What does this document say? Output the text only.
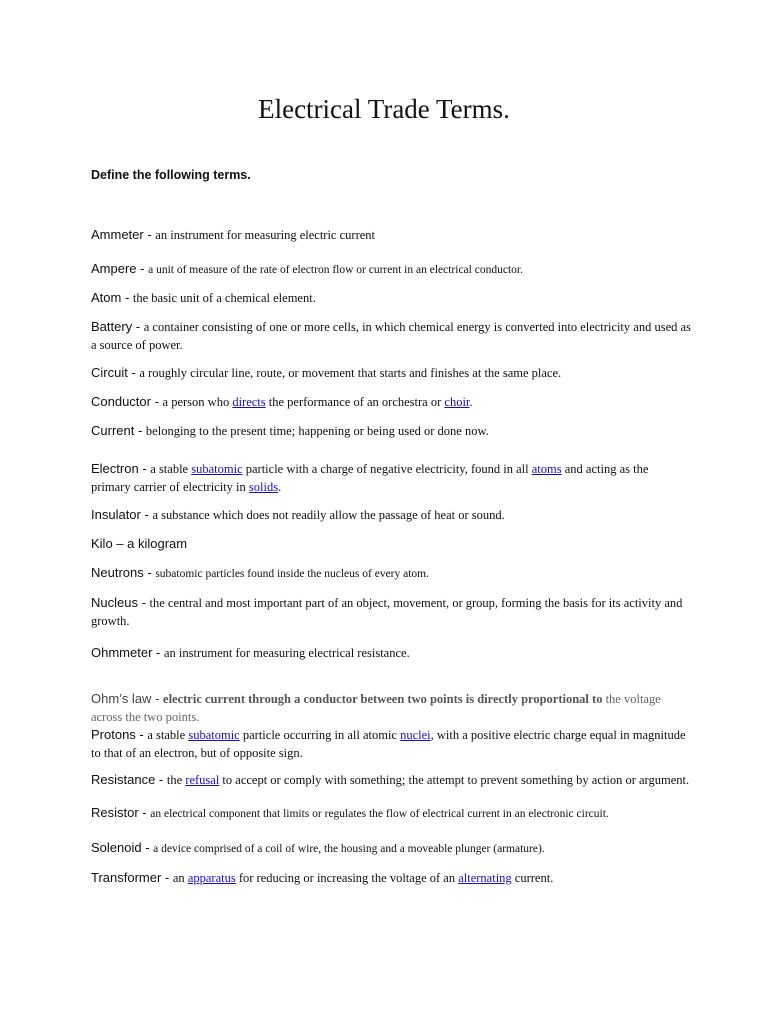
Electrical Trade Terms.
Define the following terms.
Ammeter - an instrument for measuring electric current
Ampere - a unit of measure of the rate of electron flow or current in an electrical conductor.
Atom - the basic unit of a chemical element.
Battery - a container consisting of one or more cells, in which chemical energy is converted into electricity and used as a source of power.
Circuit - a roughly circular line, route, or movement that starts and finishes at the same place.
Conductor - a person who directs the performance of an orchestra or choir.
Current - belonging to the present time; happening or being used or done now.
Electron - a stable subatomic particle with a charge of negative electricity, found in all atoms and acting as the primary carrier of electricity in solids.
Insulator - a substance which does not readily allow the passage of heat or sound.
Kilo – a kilogram
Neutrons - subatomic particles found inside the nucleus of every atom.
Nucleus - the central and most important part of an object, movement, or group, forming the basis for its activity and growth.
Ohmmeter - an instrument for measuring electrical resistance.
Ohm’s law - electric current through a conductor between two points is directly proportional to the voltage across the two points.
Protons - a stable subatomic particle occurring in all atomic nuclei, with a positive electric charge equal in magnitude to that of an electron, but of opposite sign.
Resistance - the refusal to accept or comply with something; the attempt to prevent something by action or argument.
Resistor - an electrical component that limits or regulates the flow of electrical current in an electronic circuit.
Solenoid - a device comprised of a coil of wire, the housing and a moveable plunger (armature).
Transformer - an apparatus for reducing or increasing the voltage of an alternating current.
